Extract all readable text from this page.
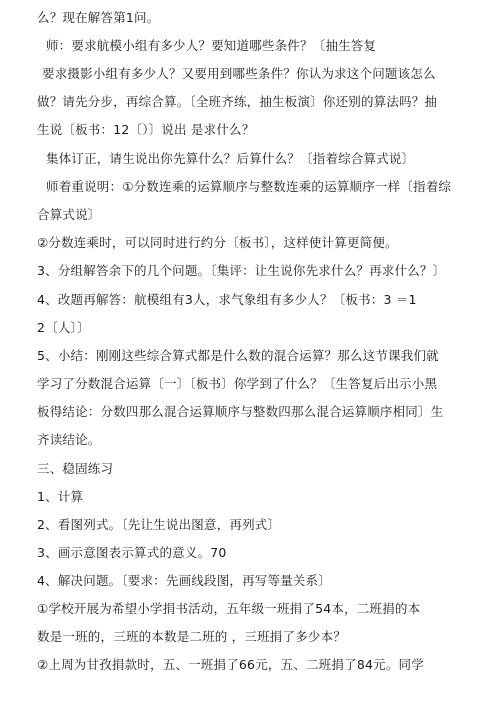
么？现在解答第1问。
师：要求航模小组有多少人？要知道哪些条件？〔抽生答复
要求摄影小组有多少人？又要用到哪些条件？你认为求这个问题该怎么
做？请先分步，再综合算。〔全班齐练，抽生板演〕你还别的算法吗？抽
生说〔板书：12〔）〕说出 是求什么？
集体订正，请生说出你先算什么？后算什么？〔指着综合算式说〕
师着重说明：①分数连乘的运算顺序与整数连乘的运算顺序一样〔指着综
合算式说〕
②分数连乘时，可以同时进行约分〔板书〕，这样使计算更简便。
3、分组解答余下的几个问题。〔集评：让生说你先求什么？再求什么？〕
4、改题再解答：航模组有3人，求气象组有多少人？〔板书：3 ＝1
2〔人〕〕
5、小结：刚刚这些综合算式都是什么数的混合运算？那么这节课我们就
学习了分数混合运算〔一〕〔板书〕你学到了什么？〔生答复后出示小黑
板得结论：分数四那么混合运算顺序与整数四那么混合运算顺序相同〕生
齐读结论。
三、稳固练习
1、计算
2、看图列式。〔先让生说出图意，再列式〕
3、画示意图表示算式的意义。70
4、解决问题。〔要求：先画线段图，再写等量关系〕
①学校开展为希望小学捐书活动，五年级一班捐了54本，二班捐的本
数是一班的，三班的本数是二班的 ，三班捐了多少本？
②上周为甘孜捐款时，五、一班捐了66元，五、二班捐了84元。同学
